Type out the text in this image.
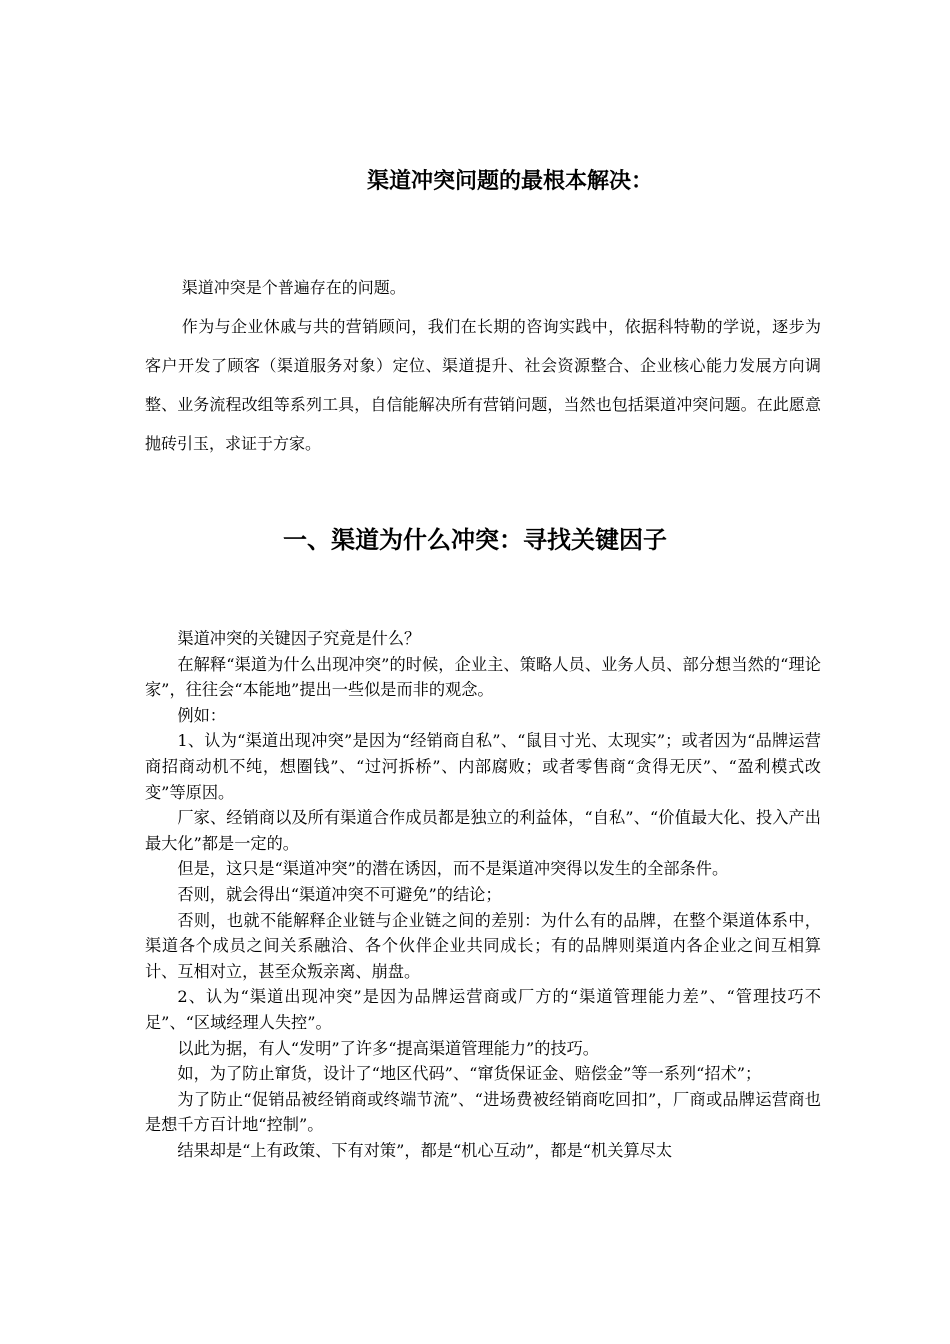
渠道冲突问题的最根本解决：

渠道冲突是个普遍存在的问题。

作为与企业休戚与共的营销顾问，我们在长期的咨询实践中，依据科特勒的学说，逐步为客户开发了顾客（渠道服务对象）定位、渠道提升、社会资源整合、企业核心能力发展方向调整、业务流程改组等系列工具，自信能解决所有营销问题，当然也包括渠道冲突问题。在此愿意抛砖引玉，求证于方家。

一、渠道为什么冲突：寻找关键因子

渠道冲突的关键因子究竟是什么？

在解释“渠道为什么出现冲突”的时候，企业主、策略人员、业务人员、部分想当然的“理论家”，往往会“本能地”提出一些似是而非的观念。

例如：

1、认为“渠道出现冲突”是因为“经销商自私”、“鼠目寸光、太现实”；或者因为“品牌运营商招商动机不纯，想圈钱”、“过河拆桥”、内部腐败；或者零售商“贪得无厌”、“盈利模式改变”等原因。

厂家、经销商以及所有渠道合作成员都是独立的利益体，“自私”、“价值最大化、投入产出最大化”都是一定的。

但是，这只是“渠道冲突”的潜在诱因，而不是渠道冲突得以发生的全部条件。

否则，就会得出“渠道冲突不可避免”的结论；

否则，也就不能解释企业链与企业链之间的差别：为什么有的品牌，在整个渠道体系中，渠道各个成员之间关系融洽、各个伙伴企业共同成长；有的品牌则渠道内各企业之间互相算计、互相对立，甚至众叛亲离、崩盘。

2、认为“渠道出现冲突”是因为品牌运营商或厂方的“渠道管理能力差”、“管理技巧不足”、“区域经理人失控”。

以此为据，有人“发明”了许多“提高渠道管理能力”的技巧。

如，为了防止窜货，设计了“地区代码”、“窜货保证金、赔偿金”等一系列“招术”；

为了防止“促销品被经销商或终端节流”、“进场费被经销商吃回扣”，厂商或品牌运营商也是想千方百计地“控制”。

结果却是“上有政策、下有对策”，都是“机心互动”，都是“机关算尽太
